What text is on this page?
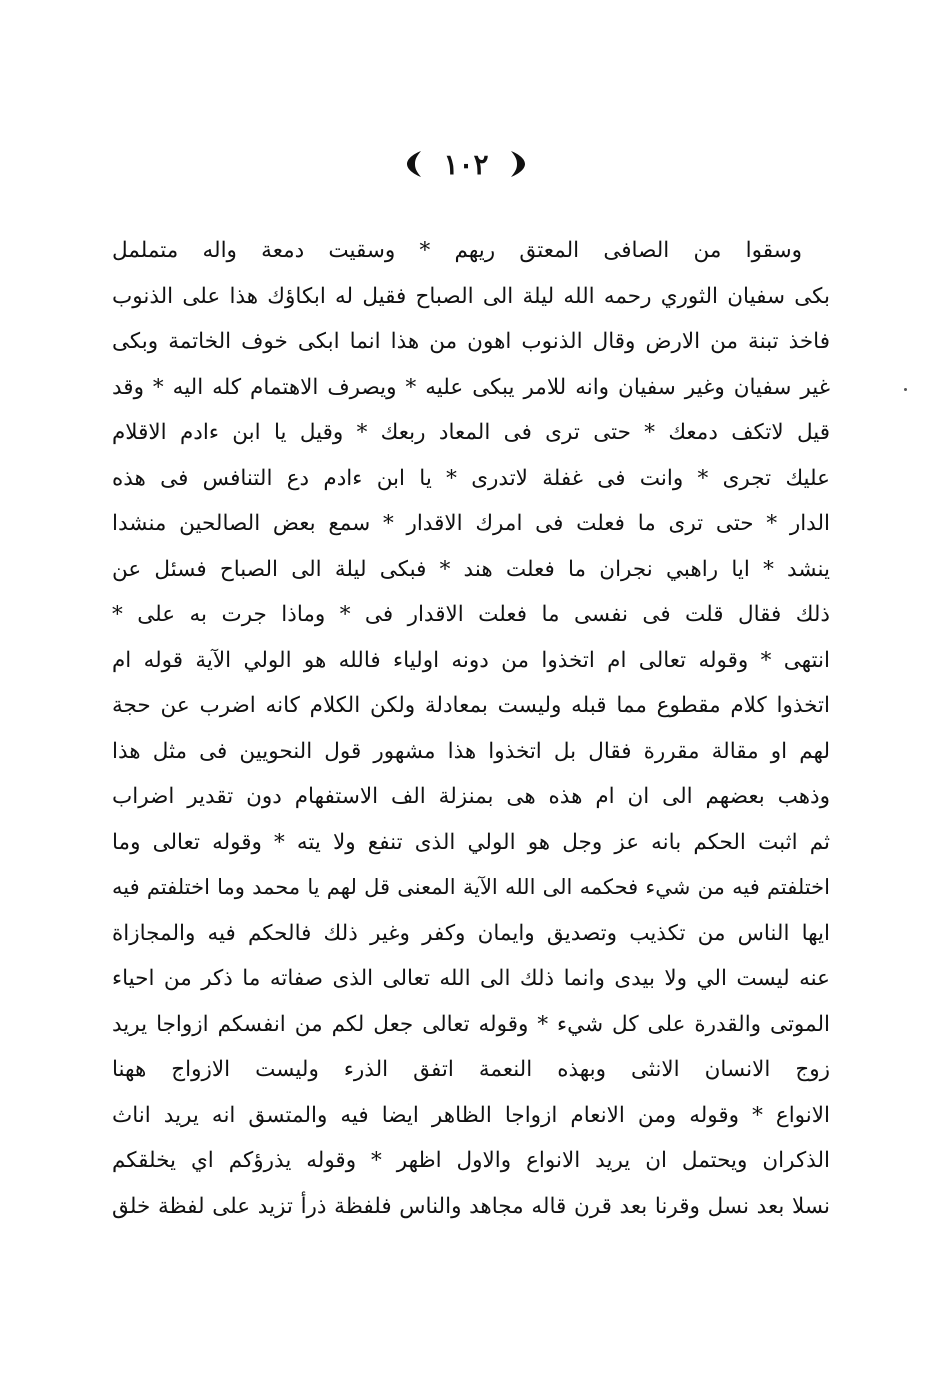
١٠٢
وسقوا من الصافى المعتق ريهم * وسقيت دمعة واله متململ
بكى سفيان الثوري رحمه الله ليلة الى الصباح فقيل له ابكاؤك هذا على الذنوب
فاخذ تبنة من الارض وقال الذنوب اهون من هذا انما ابكى خوف الخاتمة وبكى
غير سفيان وغير سفيان وانه للامر يبكى عليه * ويصرف الاهتمام كله اليه * وقد
قيل لاتكف دمعك * حتى ترى فى المعاد ربعك * وقيل يا ابن ءادم الاقلام
عليك تجرى * وانت فى غفلة لاتدرى * يا ابن ءادم دع التنافس فى هذه
الدار * حتى ترى ما فعلت فى امرك الاقدار * سمع بعض الصالحين منشدا
ينشد * ايا راهبي نجران ما فعلت هند * فبكى ليلة الى الصباح فسئل عن
ذلك فقال قلت فى نفسى ما فعلت الاقدار فى * وماذا جرت به على *
انتهى * وقوله تعالى ام اتخذوا من دونه اولياء فالله هو الولي الآية قوله ام
اتخذوا كلام مقطوع مما قبله وليست بمعادلة ولكن الكلام كانه اضرب عن حجة
لهم او مقالة مقررة فقال بل اتخذوا هذا مشهور قول النحويين فى مثل هذا
وذهب بعضهم الى ان ام هذه هى بمنزلة الف الاستفهام دون تقدير اضراب
ثم اثبت الحكم بانه عز وجل هو الولي الذى تنفع ولا يته * وقوله تعالى وما
اختلفتم فيه من شيء فحكمه الى الله الآية المعنى قل لهم يا محمد وما اختلفتم فيه
ايها الناس من تكذيب وتصديق وايمان وكفر وغير ذلك فالحكم فيه والمجازاة
عنه ليست الي ولا بيدى وانما ذلك الى الله تعالى الذى صفاته ما ذكر من احياء
الموتى والقدرة على كل شيء * وقوله تعالى جعل لكم من انفسكم ازواجا يريد
زوج الانسان الانثى وبهذه النعمة اتفق الذرء وليست الازواج ههنا
الانواع * وقوله ومن الانعام ازواجا الظاهر ايضا فيه والمتسق انه يريد اناث
الذكران ويحتمل ان يريد الانواع والاول اظهر * وقوله يذرؤكم اي يخلقكم
نسلا بعد نسل وقرنا بعد قرن قاله مجاهد والناس فلفظة ذرأ تزيد على لفظة خلق
